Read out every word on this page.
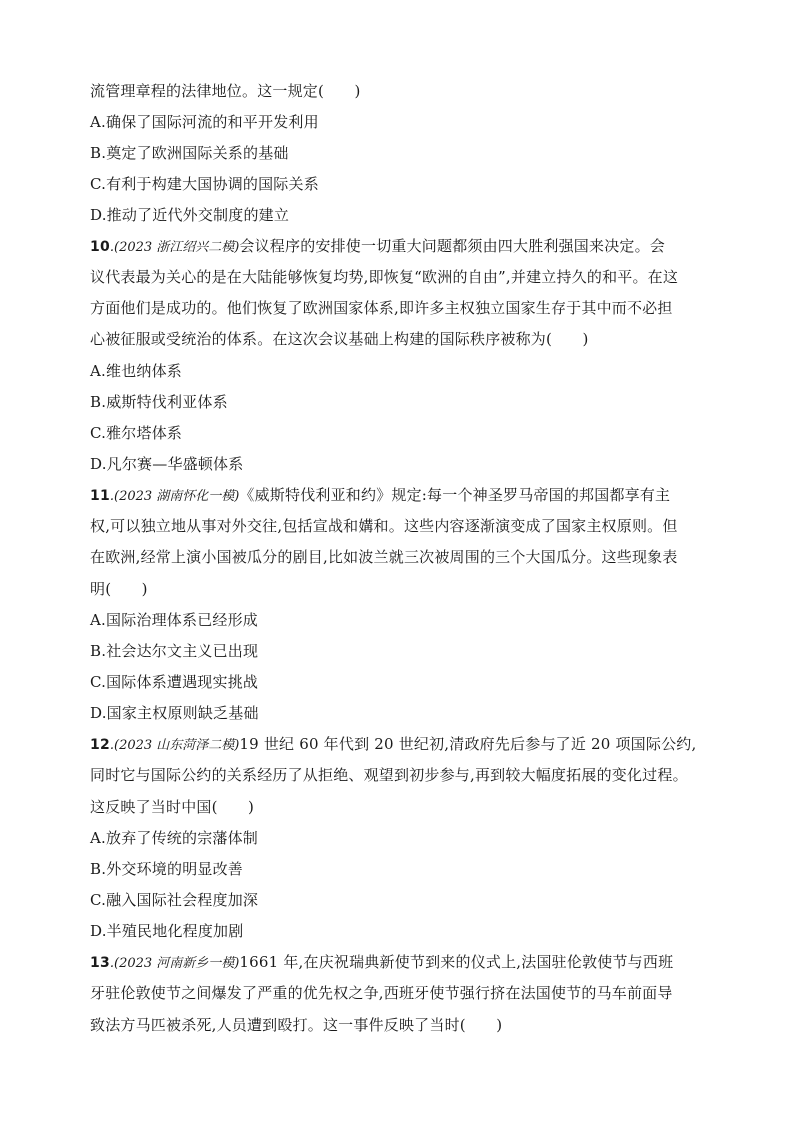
流管理章程的法律地位。这一规定(　　)
A.确保了国际河流的和平开发利用
B.奠定了欧洲国际关系的基础
C.有利于构建大国协调的国际关系
D.推动了近代外交制度的建立
10.(2023 浙江绍兴二模)会议程序的安排使一切重大问题都须由四大胜利强国来决定。会
议代表最为关心的是在大陆能够恢复均势,即恢复“欧洲的自由”,并建立持久的和平。在这
方面他们是成功的。他们恢复了欧洲国家体系,即许多主权独立国家生存于其中而不必担
心被征服或受统治的体系。在这次会议基础上构建的国际秩序被称为(　　)
A.维也纳体系
B.威斯特伐利亚体系
C.雅尔塔体系
D.凡尔赛—华盛顿体系
11.(2023 湖南怀化一模)《威斯特伐利亚和约》规定:每一个神圣罗马帝国的邦国都享有主
权,可以独立地从事对外交往,包括宣战和媾和。这些内容逐渐演变成了国家主权原则。但
在欧洲,经常上演小国被瓜分的剧目,比如波兰就三次被周围的三个大国瓜分。这些现象表
明(　　)
A.国际治理体系已经形成
B.社会达尔文主义已出现
C.国际体系遭遇现实挑战
D.国家主权原则缺乏基础
12.(2023 山东菏泽二模)19 世纪 60 年代到 20 世纪初,清政府先后参与了近 20 项国际公约,
同时它与国际公约的关系经历了从拒绝、观望到初步参与,再到较大幅度拓展的变化过程。
这反映了当时中国(　　)
A.放弃了传统的宗藩体制
B.外交环境的明显改善
C.融入国际社会程度加深
D.半殖民地化程度加剧
13.(2023 河南新乡一模)1661 年,在庆祝瑞典新使节到来的仪式上,法国驻伦敦使节与西班
牙驻伦敦使节之间爆发了严重的优先权之争,西班牙使节强行挤在法国使节的马车前面导
致法方马匹被杀死,人员遭到殴打。这一事件反映了当时(　　)
